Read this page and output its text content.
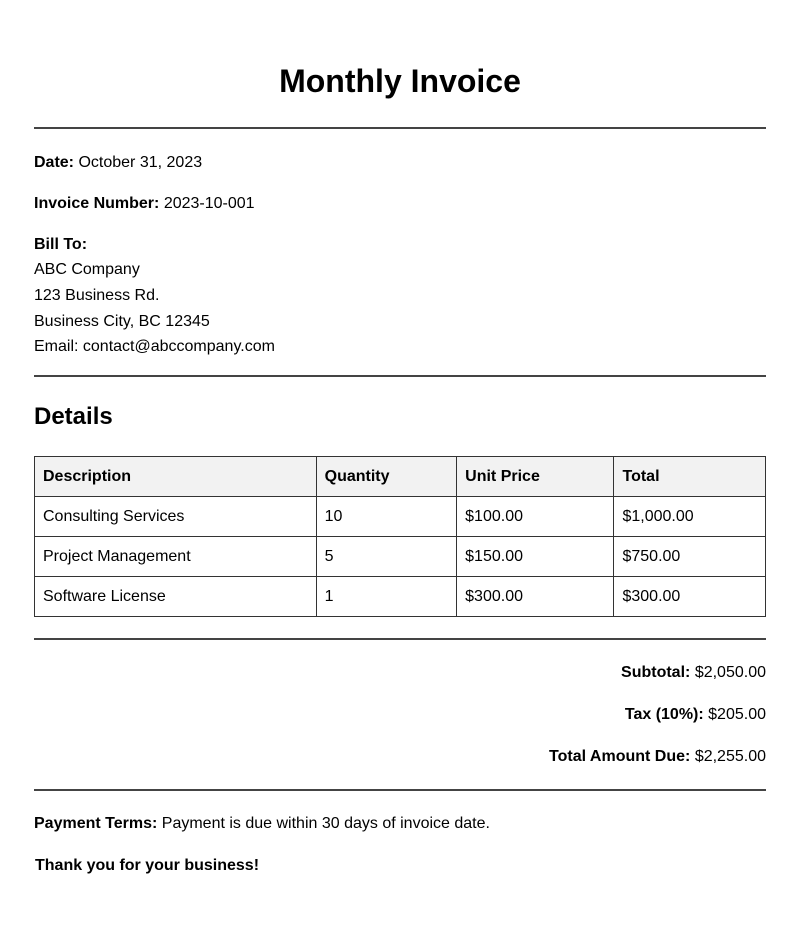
Monthly Invoice
Date: October 31, 2023
Invoice Number: 2023-10-001
Bill To:
ABC Company
123 Business Rd.
Business City, BC 12345
Email: contact@abccompany.com
Details
Description	Quantity	Unit Price	Total
Consulting Services	10	$100.00	$1,000.00
Project Management	5	$150.00	$750.00
Software License	1	$300.00	$300.00
Subtotal: $2,050.00
Tax (10%): $205.00
Total Amount Due: $2,255.00
Payment Terms: Payment is due within 30 days of invoice date.
Thank you for your business!
